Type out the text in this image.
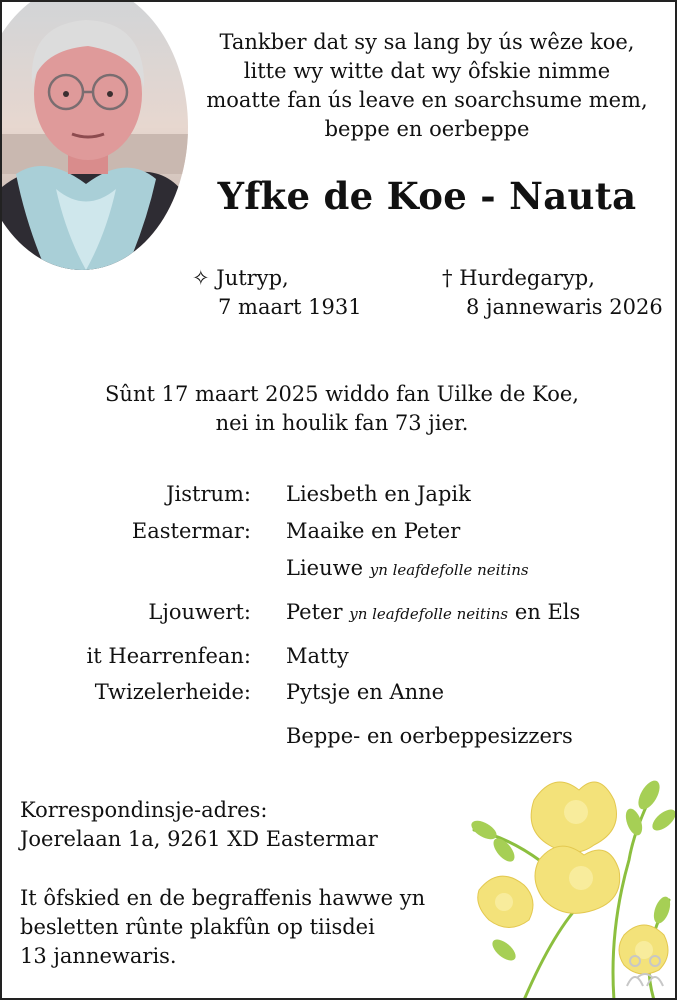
Tankber dat sy sa lang by ús wêze koe,
litte wy witte dat wy ôfskie nimme
moatte fan ús leave en soarchsume mem,
beppe en oerbeppe
Yfke de Koe - Nauta
✧ Jutryp,
7 maart 1931
† Hurdegaryp,
8 jannewaris 2026
Sûnt 17 maart 2025 widdo fan Uilke de Koe,
nei in houlik fan 73 jier.
Jistrum: Liesbeth en Japik
Eastermar: Maaike en Peter
Lieuwe yn leafdefolle neitins
Ljouwert: Peter yn leafdefolle neitins en Els
it Hearrenfean: Matty
Twizelerheide: Pytsje en Anne
Beppe- en oerbeppesizzers
Korrespondinsje-adres:
Joerelaan 1a, 9261 XD Eastermar
It ôfskied en de begraffenis hawwe yn
besletten rûnte plakfûn op tiisdei
13 jannewaris.
